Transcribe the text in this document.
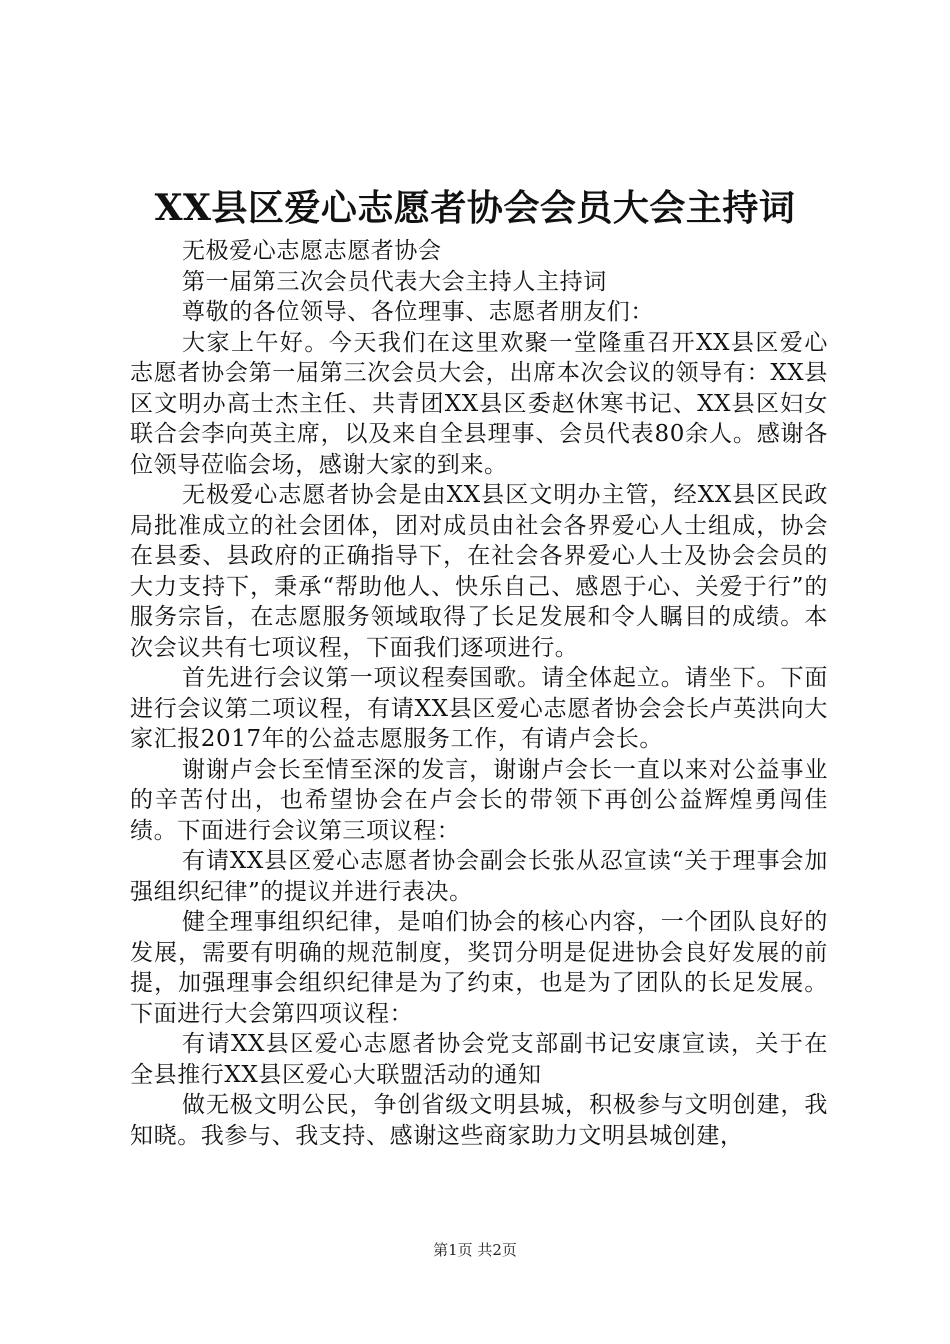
XX县区爱心志愿者协会会员大会主持词

无极爱心志愿志愿者协会

第一届第三次会员代表大会主持人主持词

尊敬的各位领导、各位理事、志愿者朋友们：

大家上午好。今天我们在这里欢聚一堂隆重召开XX县区爱心志愿者协会第一届第三次会员大会，出席本次会议的领导有：XX县区文明办高士杰主任、共青团XX县区委赵休寒书记、XX县区妇女联合会李向英主席，以及来自全县理事、会员代表80余人。感谢各位领导莅临会场，感谢大家的到来。

无极爱心志愿者协会是由XX县区文明办主管，经XX县区民政局批准成立的社会团体，团对成员由社会各界爱心人士组成，协会在县委、县政府的正确指导下，在社会各界爱心人士及协会会员的大力支持下，秉承“帮助他人、快乐自己、感恩于心、关爱于行”的服务宗旨，在志愿服务领域取得了长足发展和令人瞩目的成绩。本次会议共有七项议程，下面我们逐项进行。

首先进行会议第一项议程奏国歌。请全体起立。请坐下。下面进行会议第二项议程，有请XX县区爱心志愿者协会会长卢英洪向大家汇报2017年的公益志愿服务工作，有请卢会长。

谢谢卢会长至情至深的发言，谢谢卢会长一直以来对公益事业的辛苦付出，也希望协会在卢会长的带领下再创公益辉煌勇闯佳绩。下面进行会议第三项议程：

有请XX县区爱心志愿者协会副会长张从忍宣读“关于理事会加强组织纪律”的提议并进行表决。

健全理事组织纪律，是咱们协会的核心内容，一个团队良好的发展，需要有明确的规范制度，奖罚分明是促进协会良好发展的前提，加强理事会组织纪律是为了约束，也是为了团队的长足发展。下面进行大会第四项议程：

有请XX县区爱心志愿者协会党支部副书记安康宣读，关于在全县推行XX县区爱心大联盟活动的通知

做无极文明公民，争创省级文明县城，积极参与文明创建，我知晓。我参与、我支持、感谢这些商家助力文明县城创建，

第1页 共2页
